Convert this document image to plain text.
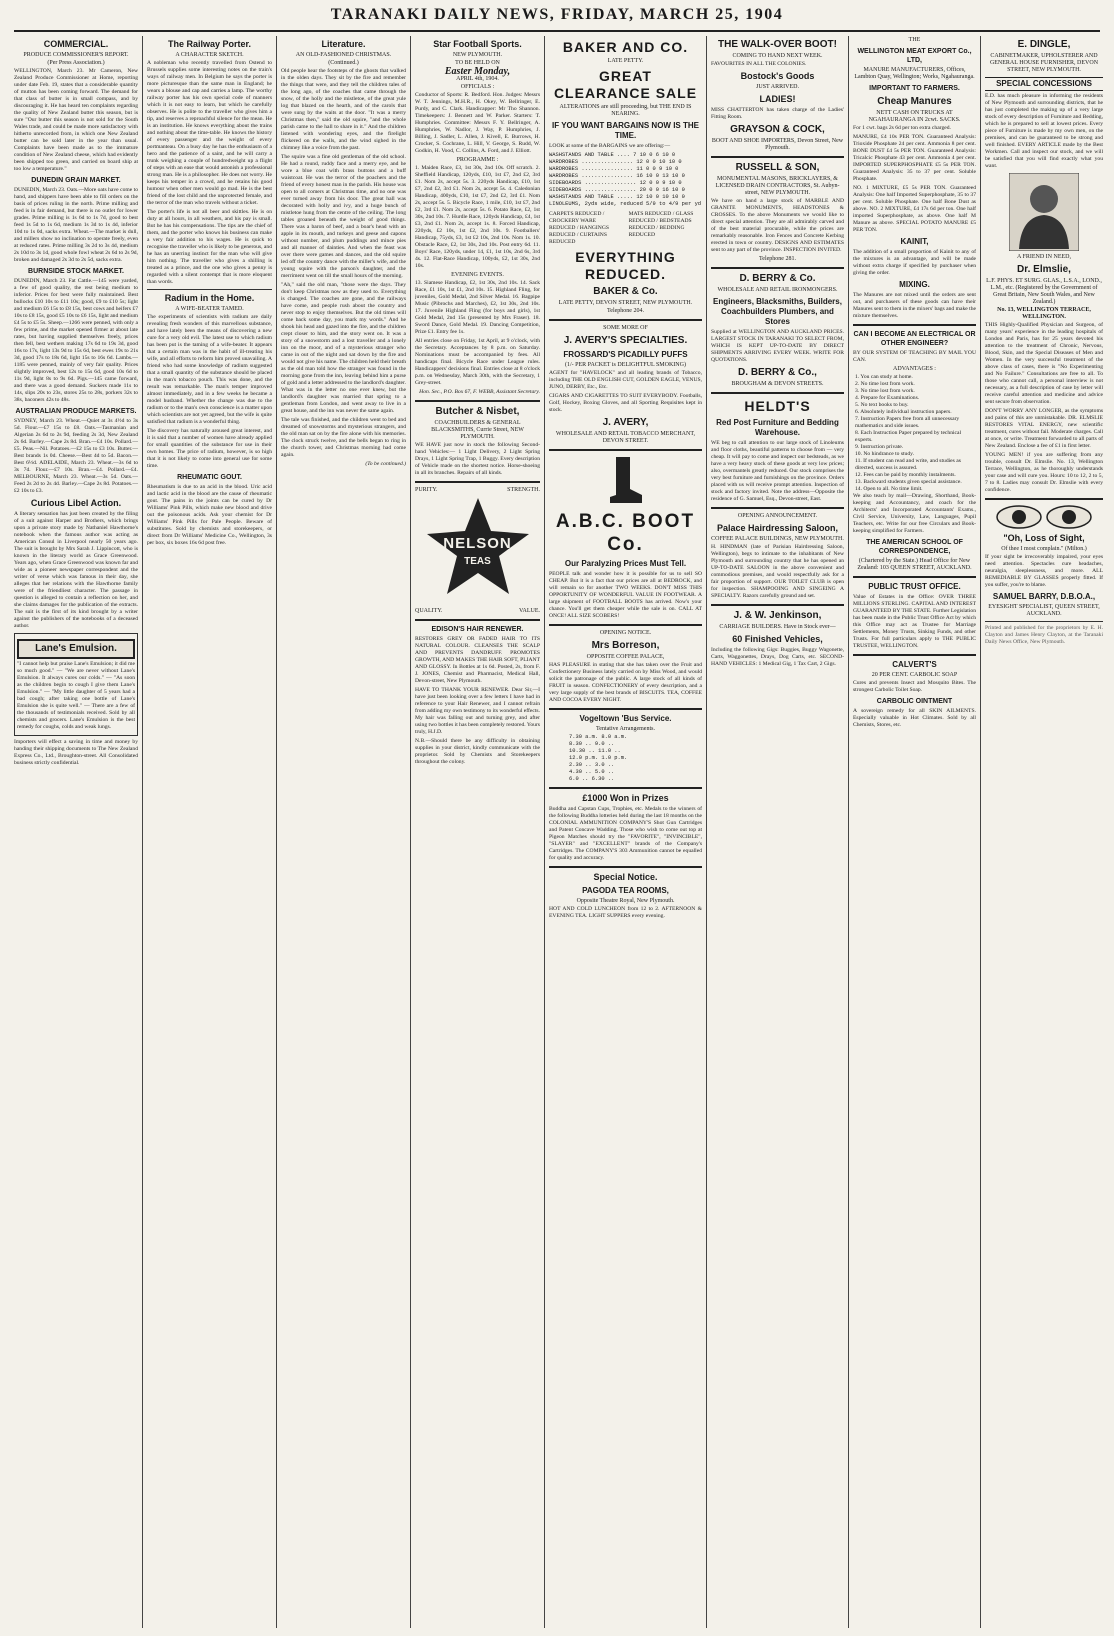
TARANAKI DAILY NEWS, FRIDAY, MARCH 25, 1904
COMMERCIAL.
PRODUCE COMMISSIONER'S REPORT.
(Per Press Association.)

WELLINGTON, March 23. Mr Cameron, New Zealand Produce Commissioner at Home, reporting under date Feb. 19, states that a considerable quantity of mutton has been coming forward. The demand for that class of butter is in small compass, and by discouraging it. He has heard ten complaints regarding the quality of New Zealand butter this season, but is sure "Our butter this season is not sold for the South Wales trade, and could be made more satisfactory with hitherto unrecorded from, in which one New Zealand butter can be sold later in the year than usual. Complaints have been made as to the immature condition of New Zealand cheese, which had evidently been shipped too green, and carried on board ship at too low a temperature."

DUNEDIN GRAIN MARKET.

DUNEDIN, March 23. Oats.—More oats have come to hand, and shippers have been able to fill orders on the basis of prices ruling in the north. Prime milling and feed is in fair demand, but there is no outlet for lower grades. Prime milling is 1s 6d to 1s 7d, good to best feed 1s 5d to 1s 6d, medium 1s 3d to 1s 4d, inferior 10d to 1s 0d, sacks extra. Wheat.—The market is dull, and millers show no inclination to operate freely, even at reduced rates. Prime milling 3s 2d to 3s 4d, medium 2s 10d to 3s 1d, good whole fowl wheat 2s 6d to 2s 9d, broken and damaged 2s 3d to 2s 5d, sacks extra.

BURNSIDE STOCK MARKET.

DUNEDIN, March 23. Fat Cattle.—145 were yarded, a few of good quality, the rest being medium to inferior. Prices for best were fully maintained. Best bullocks £10 10s to £11 10s; good, £9 to £10 5s; light and medium £6 15s to £8 15s, best cows and heifers £7 10s to £8 15s, good £5 10s to £6 15s, light and medium £4 5s to £5 5s. Sheep.—1266 were penned, with only a few prime, and the market opened firmer at about late rates, but having supplied themselves freely, prices then fell, best wethers making 17s 6d to 19s 3d, good 16s to 17s, light 13s 9d to 15s 6d, best ewes 19s to 21s 3d, good 17s to 18s 6d, light 15s to 16s 6d. Lambs.—1185 were penned, mainly of very fair quality. Prices slightly improved, best 12s to 15s 6d, good 10s 6d to 11s 9d, light 8s to 9s 6d. Pigs.—145 came forward, and there was a good demand. Suckers made 11s to 14s, slips 20s to 23s, stores 25s to 28s, porkers 32s to 38s, baconers 42s to 48s.

AUSTRALIAN PRODUCE MARKETS.

SYDNEY, March 23. Wheat.—Quiet at 3s 4½d to 3s 5d. Flour.—£7 15s to £8. Oats.—Tasmanian and Algerian 2s 6d to 2s 9d, feeding 2s 3d, New Zealand 2s 6d. Barley.—Cape 2s 8d. Bran.—£4 10s. Pollard.—£5. Peas.—Nil. Potatoes.—£2 15s to £3 10s. Butter.—Best brands 1s 0d. Cheese.—Best 4d to 5d. Bacon.—Best 6½d. ADELAIDE, March 23. Wheat.—3s 6d to 3s 7d. Flour.—£7 10s. Bran.—£4. Pollard.—£4. MELBOURNE, March 23. Wheat.—3s 5d. Oats.—Feed 2s 2d to 2s 4d. Barley.—Cape 2s 8d. Potatoes.—£2 10s to £3.

Curious Libel Action.

A literary sensation has just been created by the filing of a suit against Harper and Brothers, which brings upon a private story made by Nathaniel Hawthorne's notebook when the famous author was acting as American Consul in Liverpool nearly 50 years ago. The suit is brought by Mrs Sarah J. Lippincott, who is known in the literary world as Grace Greenwood. Years ago, when Grace Greenwood was known far and wide as a pioneer newspaper correspondent and the writer of verse which was famous in their day, she alleges that her relations with the Hawthorne family were of the friendliest character. The passage in question is alleged to contain a reflection on her, and she claims damages for the publication of the extracts. The suit is the first of its kind brought by a writer against the publishers of the notebooks of a deceased author.

Lane's Emulsion.

"I cannot help but praise Lane's Emulsion; it did me so much good." — "We are never without Lane's Emulsion. It always cures our colds." — "As soon as the children begin to cough I give them Lane's Emulsion." — "My little daughter of 5 years had a bad cough; after taking one bottle of Lane's Emulsion she is quite well." — There are a few of the thousands of testimonials received. Sold by all chemists and grocers. Lane's Emulsion is the best remedy for coughs, colds and weak lungs.

Importers will effect a saving in time and money by handing their shipping documents to The New Zealand Express Co., Ltd., Broughton-street. All Consolidated business strictly confidential.

The Railway Porter.
A CHARACTER SKETCH.

A nobleman who recently travelled from Ostend to Brussels supplies some interesting notes on the train's ways of railway men. In Belgium he says the porter is more picturesque than the same man in England; he wears a blouse and cap and carries a lamp. The worthy railway porter has his own special code of manners which it is not easy to learn, but which he carefully observes. He is polite to the traveller who gives him a tip, and reserves a reproachful silence for the mean. He is an institution. He knows everything about the trains and nothing about the time-table. He knows the history of every passenger and the weight of every portmanteau. On a busy day he has the enthusiasm of a hero and the patience of a saint, and he will carry a trunk weighing a couple of hundredweight up a flight of steps with an ease that would astonish a professional strong man. He is a philosopher. He does not worry. He keeps his temper in a crowd, and he retains his good humour when other men would go mad. He is the best friend of the lost child and the unprotected female, and the terror of the man who travels without a ticket.

The porter's life is not all beer and skittles. He is on duty at all hours, in all weathers, and his pay is small. But he has his compensations. The tips are the chief of them, and the porter who knows his business can make a very fair addition to his wages. He is quick to recognise the traveller who is likely to be generous, and he has an unerring instinct for the man who will give him nothing. The traveller who gives a shilling is treated as a prince, and the one who gives a penny is regarded with a silent contempt that is more eloquent than words.

Radium in the Home.
A WIFE-BEATER TAMED.

The experiments of scientists with radium are daily revealing fresh wonders of this marvellous substance, and have lately been the means of discovering a new cure for a very old evil. The latest use to which radium has been put is the taming of a wife-beater. It appears that a certain man was in the habit of ill-treating his wife, and all efforts to reform him proved unavailing. A friend who had some knowledge of radium suggested that a small quantity of the substance should be placed in the man's tobacco pouch. This was done, and the result was remarkable. The man's temper improved almost immediately, and in a few weeks he became a model husband. Whether the change was due to the radium or to the man's own conscience is a matter upon which scientists are not yet agreed, but the wife is quite satisfied that radium is a wonderful thing.

The discovery has naturally aroused great interest, and it is said that a number of women have already applied for small quantities of the substance for use in their own homes. The price of radium, however, is so high that it is not likely to come into general use for some time.

RHEUMATIC GOUT.

Rheumatism is due to an acid in the blood. Uric acid and lactic acid in the blood are the cause of rheumatic gout. The pains in the joints can be cured by Dr Williams' Pink Pills, which make new blood and drive out the poisonous acids. Ask your chemist for Dr Williams' Pink Pills for Pale People. Beware of substitutes. Sold by chemists and storekeepers, or direct from Dr Williams' Medicine Co., Wellington, 3s per box, six boxes 16s 6d post free.

Literature.
AN OLD-FASHIONED CHRISTMAS.
(Continued.)

Old people hear the footsteps of the ghosts that walked in the olden days. They sit by the fire and remember the things that were, and they tell the children tales of the long ago, of the coaches that came through the snow, of the holly and the mistletoe, of the great yule log that blazed on the hearth, and of the carols that were sung by the waits at the door. "It was a merry Christmas then," said the old squire, "and the whole parish came to the hall to share in it." And the children listened with wondering eyes, and the firelight flickered on the walls, and the wind sighed in the chimney like a voice from the past.

The squire was a fine old gentleman of the old school. He had a round, ruddy face and a merry eye, and he wore a blue coat with brass buttons and a buff waistcoat. He was the terror of the poachers and the friend of every honest man in the parish. His house was open to all comers at Christmas time, and no one was ever turned away from his door. The great hall was decorated with holly and ivy, and a huge bunch of mistletoe hung from the centre of the ceiling. The long tables groaned beneath the weight of good things. There was a baron of beef, and a boar's head with an apple in its mouth, and turkeys and geese and capons without number, and plum puddings and mince pies and all manner of dainties. And when the feast was over there were games and dances, and the old squire led off the country dance with the miller's wife, and the young squire with the parson's daughter, and the merriment went on till the small hours of the morning.

"Ah," said the old man, "those were the days. They don't keep Christmas now as they used to. Everything is changed. The coaches are gone, and the railways have come, and people rush about the country and never stop to enjoy themselves. But the old times will come back some day, you mark my words." And he shook his head and gazed into the fire, and the children crept closer to him, and the story went on. It was a story of a snowstorm and a lost traveller and a lonely inn on the moor, and of a mysterious stranger who came in out of the night and sat down by the fire and would not give his name. The children held their breath as the old man told how the stranger was found in the morning gone from the inn, leaving behind him a purse of gold and a letter addressed to the landlord's daughter. What was in the letter no one ever knew, but the landlord's daughter was married that spring to a gentleman from London, and went away to live in a great house, and the inn was never the same again.

The tale was finished, and the children went to bed and dreamed of snowstorms and mysterious strangers, and the old man sat on by the fire alone with his memories. The clock struck twelve, and the bells began to ring in the church tower, and Christmas morning had come again.

(To be continued.)
Star Football Sports.
NEW PLYMOUTH.
TO BE HELD ON
Easter Monday,
APRIL 4th, 1904.
OFFICIALS :

Conductor of Sports: R. Bedford. Hon. Judges: Messrs W. T. Jennings, M.H.R., H. Okey, W. Bellringer, E. Purdy, and C. Clark. Handicapper: Mr Tho Shannon. Timekeepers: J. Bennett and W. Parker. Starters: T. Humphries. Committee: Messrs F. Y. Bellringer, A. Humphries, W. Nadlor, J. Way, P. Humphries, J. Billing, J. Sadler, L. Allen, J. Kivell, E. Burrows, H. Crocker, S. Cochrane, L. Hill, V. George, S. Rudd, W. Godkin, H. Vood, C. Collins, A. Ford, and J. Elliott.

PROGRAMME :

1. Maiden Race, £3, 1st 30s, 2nd 10s. Off scratch. 2. Sheffield Handicap, 120yds, £10, 1st £7, 2nd £2, 3rd £1. Nom 2s, accept 5s. 3. 220yds Handicap, £10, 1st £7, 2nd £2, 3rd £1. Nom 2s, accept 5s. 4. Caledonian Handicap, 400yds, £10, 1st £7, 2nd £2, 3rd £1. Nom 2s, accept 5s. 5. Bicycle Race, 1 mile, £10, 1st £7, 2nd £2, 3rd £1. Nom 2s, accept 5s. 6. Potato Race, £2, 1st 30s, 2nd 10s. 7. Hurdle Race, 120yds Handicap, £4, 1st £3, 2nd £1. Nom 2s, accept 1s. 8. Forced Handicap, 220yds, £2 10s, 1st £2, 2nd 10s. 9. Footballers' Handicap, 75yds, £3, 1st £2 10s, 2nd 10s. Nom 1s. 10. Obstacle Race, £2, 1st 30s, 2nd 10s. Post entry 6d. 11. Boys' Race, 120yds, under 14, £1, 1st 10s, 2nd 6s, 3rd 4s. 12. Flat-Race Handicap, 100yds, £2, 1st 30s, 2nd 10s.

EVENING EVENTS.

13. Siamese Handicap, £2, 1st 30s, 2nd 10s. 14. Sack Race, £1 10s, 1st £1, 2nd 10s. 15. Highland Fling, for juveniles, Gold Medal, 2nd Silver Medal. 16. Bagpipe Music (Pibrochs and Marches), £2, 1st 30s, 2nd 10s. 17. Juvenile Highland Fling (for boys and girls), 1st Gold Medal, 2nd 15s (presented by Mrs Fraser). 18. Sword Dance, Gold Medal. 19. Dancing Competition, Prize £1. Entry fee 1s.

All entries close on Friday, 1st April, at 9 o'clock, with the Secretary. Acceptances by 8 p.m. on Saturday. Nominations must be accompanied by fees. All handicaps final. Bicycle Race under League rules. Handicappers' decisions final. Entries close at 8 o'clock p.m. on Wednesday, March 30th, with the Secretary, 1 Grey-street.

Hon. Sec., P.O. Box 67, F. WEBB, Assistant Secretary.
Butcher & Nisbet,
COACHBUILDERS & GENERAL BLACKSMITHS, Currie Street, NEW PLYMOUTH.

WE HAVE just now in stock the following Second-hand Vehicles:— 1 Light Delivery, 2 Light Spring Drays, 1 Light Spring Trap, 1 Buggy. Every description of Vehicle made on the shortest notice. Horse-shoeing in all its branches. Repairs of all kinds.

PURITY.	STRENGTH.
NELSON
TEAS
QUALITY.	VALUE.
EDISON'S HAIR RENEWER.

RESTORES GREY OR FADED HAIR TO ITS NATURAL COLOUR. CLEANSES THE SCALP AND PREVENTS DANDRUFF. PROMOTES GROWTH, AND MAKES THE HAIR SOFT, PLIANT AND GLOSSY. In Bottles at 1s 6d. Posted, 2s, from F. J. JONES, Chemist and Pharmacist, Medical Hall, Devon-street, New Plymouth.

HAVE TO THANK YOUR RENEWER. Dear Sir,—I have just been looking over a few letters I have had in reference to your Hair Renewer, and I cannot refrain from adding my own testimony to its wonderful effects. My hair was falling out and turning grey, and after using two bottles it has been completely restored. Yours truly, H.J.D.

N.B.—Should there be any difficulty in obtaining supplies in your district, kindly communicate with the proprietor. Sold by Chemists and Storekeepers throughout the colony.

BAKER AND CO.
LATE PETTY.
GREAT CLEARANCE SALE
ALTERATIONS are still proceeding, but THE END IS NEARING.
IF YOU WANT BARGAINS NOW IS THE TIME.

LOOK at some of the BARGAINS we are offering:—

WASHSTANDS AND TABLE .... 7 10 0 6 10 0
WARDROBES ................ 12 0 0 10 10 0
WARDROBES ................ 11 0 0 9 10 0
WARDROBES ................ 16 10 0 13 10 0
SIDEBOARDS ................ 12 0 0 9 10 0
SIDEBOARDS ................ 20 0 0 16 10 0
WASHSTANDS AND TABLE ..... 12 10 0 10 10 0
LINOLEUMS, 2yds wide, reduced 5/9 to 4/9 per yd
CARPETS REDUCED / CROCKERY WARE REDUCED / HANGINGS REDUCED / CURTAINS REDUCED
MATS REDUCED / GLASS REDUCED / BEDSTEADS REDUCED / BEDDING REDUCED
EVERYTHING REDUCED.
BAKER & Co.
LATE PETTY, DEVON STREET, NEW PLYMOUTH.
Telephone 204.
SOME MORE OF
J. AVERY'S SPECIALTIES.
FROSSARD'S PICADILLY PUFFS
(1/- PER PACKET is DELIGHTFUL SMOKING)

AGENT for "HAVELOCK" and all leading brands of Tobacco, including THE OLD ENGLISH CUT, GOLDEN EAGLE, VENUS, JUNO, DERBY, Etc., Etc.

CIGARS AND CIGARETTES TO SUIT EVERYBODY. Footballs, Golf, Hockey, Boxing Gloves, and all Sporting Requisites kept in stock.

J. AVERY,
WHOLESALE AND RETAIL TOBACCO MERCHANT, DEVON STREET.
A.B.C. BOOT Co.
Our Paralyzing Prices Must Tell.

PEOPLE talk and wonder how it is possible for us to sell SO CHEAP. But it is a fact that our prices are all at BEDROCK, and will remain so for another TWO WEEKS. DON'T MISS THIS OPPORTUNITY OF WONDERFUL VALUE IN FOOTWEAR. A large shipment of FOOTBALL BOOTS has arrived. Now's your chance. You'll get them cheaper while the sale is on. CALL AT ONCE! ALL SIZE SCOBERS!

OPENING NOTICE.
Mrs Borreson,
OPPOSITE COFFEE PALACE,

HAS PLEASURE in stating that she has taken over the Fruit and Confectionery Business lately carried on by Miss Wood, and would solicit the patronage of the public. A large stock of all kinds of FRUIT in season. CONFECTIONERY of every description, and a very large supply of the best brands of BISCUITS. TEA, COFFEE AND COCOA EVERY NIGHT.

Vogeltown 'Bus Service.
Tentative Arrangements.
7.30 a.m. 8.0 a.m.
8.30 .. 9.0 ..
10.30 .. 11.0 ..
12.0 p.m. 1.0 p.m.
2.30 .. 3.0 ..
4.30 .. 5.0 ..
6.0 .. 6.30 ..
£1000 Won in Prizes

Buddha and Capstan Cups, Trophies, etc. Medals to the winners of the following Buddha lotteries held during the last 18 months on the COLONIAL AMMUNITION COMPANY'S Shot Gun Cartridges and Patent Concave Wadding. Those who wish to come out top at Pigeon Matches should try the "FAVORITE", "INVINCIBLE", "SLAYER" and "EXCELLENT" brands of the Company's Cartridges. The COMPANY'S 303 Ammunition cannot be equalled for quality and accuracy.

Special Notice.
PAGODA TEA ROOMS,
Opposite Theatre Royal, New Plymouth.

HOT AND COLD LUNCHEON from 12 to 2. AFTERNOON & EVENING TEA. LIGHT SUPPERS every evening.

THE WALK-OVER BOOT!
COMING TO HAND NEXT WEEK.

FAVOURITES IN ALL THE COLONIES.

Bostock's Goods
JUST ARRIVED.
LADIES!

MISS CHATTERTON has taken charge of the Ladies' Fitting Room.

GRAYSON & COCK,
BOOT AND SHOE IMPORTERS, Devon Street, New Plymouth.
RUSSELL & SON,
MONUMENTAL MASONS, BRICKLAYERS, & LICENSED DRAIN CONTRACTORS, St. Aubyn-street, NEW PLYMOUTH.

We have on hand a large stock of MARBLE AND GRANITE MONUMENTS, HEADSTONES & CROSSES. To the above Monuments we would like to direct special attention. They are all admirably carved and of the best material procurable, while the prices are remarkably reasonable. Iron Fences and Concrete Kerbing erected in town or country. DESIGNS AND ESTIMATES sent to any part of the province. INSPECTION INVITED.

Telephone 281.
D. BERRY & Co.
WHOLESALE AND RETAIL IRONMONGERS.
Engineers, Blacksmiths, Builders, Coachbuilders Plumbers, and Stores

Supplied at WELLINGTON AND AUCKLAND PRICES. LARGEST STOCK IN TARANAKI TO SELECT FROM, WHICH IS KEPT UP-TO-DATE BY DIRECT SHIPMENTS ARRIVING EVERY WEEK. WRITE FOR QUOTATIONS.

D. BERRY & Co.,
BROUGHAM & DEVON STREETS.
HELDT'S
Red Post Furniture and Bedding Warehouse.

WE beg to call attention to our large stock of Linoleums and floor cloths, beautiful patterns to choose from — very cheap. It will pay to come and inspect our bedsteads, as we have a very heavy stock of these goods at very low prices; also, overmantels greatly reduced. Our stock comprises the very best furniture and furnishings on the province. Orders placed with us will receive prompt attention. Inspection of stock and factory invited. Note the address—Opposite the residence of G. Samuel, Esq., Devon-street, East.

OPENING ANNOUNCEMENT.
Palace Hairdressing Saloon,
COFFEE PALACE BUILDINGS, NEW PLYMOUTH.

H. HINDMAN (late of Parisian Hairdressing Saloon, Wellington), begs to intimate to the inhabitants of New Plymouth and surrounding country that he has opened an UP-TO-DATE SALOON in the above convenient and commodious premises, and would respectfully ask for a fair proportion of support. OUR TOILET CLUB is open for inspection. SHAMPOOING AND SINGEING A SPECIALTY. Razors carefully ground and set.

J. & W. Jenkinson,
CARRIAGE BUILDERS. Have in Stock ever—
60 Finished Vehicles,

Including the following Gigs: Buggies, Buggy Wagonette, Carts, Waggonettes, Drays, Dog Carts, etc. SECOND-HAND VEHICLES: 1 Medical Gig, 1 Tax Cart, 2 Gigs.

THE
WELLINGTON MEAT EXPORT Co., LTD,
MANURE MANUFACTURERS, Offices, Lambton Quay, Wellington; Works, Ngahauranga.
IMPORTANT TO FARMERS.
Cheap Manures
NETT CASH ON TRUCKS AT NGAHAURANGA IN 2cwt. SACKS.

For 1 cwt. bags 2s 6d per ton extra charged.

MANURE, £4 10s PER TON. Guaranteed Analysis: Trioxide Phosphate 24 per cent. Ammonia 8 per cent. BONE DUST £4 5s PER TON. Guaranteed Analysis: Tricalcic Phosphate 43 per cent. Ammonia 4 per cent. IMPORTED SUPERPHOSPHATE £5 5s PER TON. Guaranteed Analysis: 35 to 37 per cent. Soluble Phosphate.

NO. 1 MIXTURE, £5 5s PER TON. Guaranteed Analysis: One half Imported Superphosphate, 35 to 37 per cent. Soluble Phosphate. One half Bone Dust as above. NO. 2 MIXTURE, £4 17s 6d per ton. One half imported Superphosphate, as above. One half M Manure as above. SPECIAL POTATO MANURE £5 PER TON.

KAINIT,

The addition of a small proportion of Kainit to any of the mixtures is an advantage, and will be made without extra charge if specified by purchaser when giving the order.

MIXING.

The Manures are not mixed until the orders are sent out, and purchasers of these goods can have their Manures sent to them in the mixers' bags and make the mixture themselves.

CAN I BECOME AN ELECTRICAL OR OTHER ENGINEER?

BY OUR SYSTEM OF TEACHING BY MAIL YOU CAN.

ADVANTAGES :
1. You can study at home.
2. No time lost from work.
3. No time lost from work.
4. Prepare for Examinations.
5. No text books to buy.
6. Absolutely individual instruction papers.
7. Instruction Papers free from all unnecessary mathematics and side issues.
8. Each Instruction Paper prepared by technical experts.
9. Instruction private.
10. No hindrance to study.
11. If student can read and write, and studies as directed, success is assured.
12. Fees can be paid by monthly instalments.
13. Backward students given special assistance.
14. Open to all. No time limit.

We also teach by mail—Drawing, Shorthand, Book-keeping and Accountancy, and coach for the Architects' and Incorporated Accountants' Exams., Civil Service, University, Law, Languages, Pupil Teachers, etc. Write for our free Circulars and Book-keeping simplified for Farmers.

THE AMERICAN SCHOOL OF CORRESPONDENCE,
(Chartered by the State.) Head Office for New Zealand: 103 QUEEN STREET, AUCKLAND.
PUBLIC TRUST OFFICE.

Value of Estates in the Office: OVER THREE MILLIONS STERLING. CAPITAL AND INTEREST GUARANTEED BY THE STATE. Further Legislation has been made in the Public Trust Office Act by which this Office may act as Trustee for Marriage Settlements, Money Trusts, Sinking Funds, and other Trusts. For full particulars apply to THE PUBLIC TRUSTEE, WELLINGTON.

CALVERT'S
20 PER CENT. CARBOLIC SOAP

Cures and prevents Insect and Mosquito Bites. The strongest Carbolic Toilet Soap.

CARBOLIC OINTMENT

A sovereign remedy for all SKIN AILMENTS. Especially valuable in Hot Climates. Sold by all Chemists, Stores, etc.

E. DINGLE,
CABINETMAKER, UPHOLSTERER AND GENERAL HOUSE FURNISHER, DEVON STREET, NEW PLYMOUTH.
SPECIAL CONCESSIONS

E.D. has much pleasure in informing the residents of New Plymouth and surrounding districts, that he has just completed the making up of a very large stock of every description of Furniture and Bedding, which he is prepared to sell at lowest prices. Every piece of Furniture is made by my own men, on the premises, and can be guaranteed to be strong and well finished. EVERY ARTICLE made by the Best Workmen. Call and inspect our stock, and we will be satisfied that you will find exactly what you want.

A FRIEND IN NEED,
Dr. Elmslie,
L.F. PHYS. ET SURG. GLAS., L.S.A., LOND., L.M., etc. (Registered by the Government of Great Britain, New South Wales, and New Zealand.)
No. 13, WELLINGTON TERRACE, WELLINGTON.

THIS Highly-Qualified Physician and Surgeon, of many years' experience in the leading hospitals of London and Paris, has for 25 years devoted his attention to the treatment of Chronic, Nervous, Blood, Skin, and the Special Diseases of Men and Women. In the very successful treatment of the above class of cases, there is "No Experimenting and No Failure." Consultations are free to all. To those who cannot call, a personal interview is not necessary, as a full description of case by letter will receive careful attention and medicine and advice sent secure from observation.

DON'T WORRY ANY LONGER, as the symptoms and pains of this are unmistakable. DR. ELMSLIE RESTORES VITAL ENERGY, new scientific treatment, cures without fail. Moderate charges. Call at once, or write. Treatment forwarded to all parts of New Zealand. Enclose a fee of £1 in first letter.

YOUNG MEN! if you are suffering from any trouble, consult Dr. Elmslie. No. 13, Wellington Terrace, Wellington, as he thoroughly understands your case and will cure you. Hours: 10 to 12, 2 to 5, 7 to 8. Ladies may consult Dr. Elmslie with every confidence.

"Oh, Loss of Sight,
Of thee I most complain." (Milton.)

If your sight be irrecoverably impaired, your eyes need attention. Spectacles cure headaches, neuralgia, sleeplessness, and more. ALL REMEDIABLE BY GLASSES properly fitted. If you suffer, you're to blame.

SAMUEL BARRY, D.B.O.A.,
EYESIGHT SPECIALIST, QUEEN STREET, AUCKLAND.

Printed and published for the proprietors by E. H. Clayton and James Henry Clayton, at the Taranaki Daily News Office, New Plymouth.
